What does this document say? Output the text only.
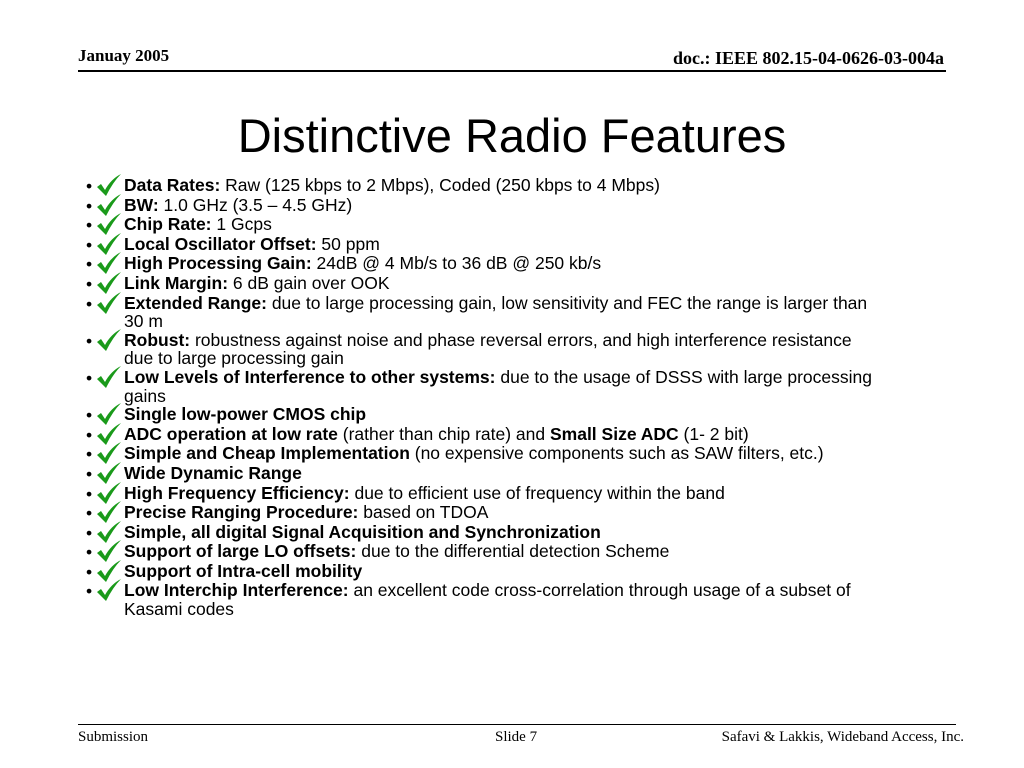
Januay 2005	doc.: IEEE 802.15-04-0626-03-004a
Distinctive Radio Features
• Data Rates: Raw (125 kbps to 2 Mbps), Coded (250 kbps to 4 Mbps)
• BW: 1.0 GHz (3.5 – 4.5 GHz)
• Chip Rate: 1 Gcps
• Local Oscillator Offset: 50 ppm
• High Processing Gain: 24dB @ 4 Mb/s to 36 dB @ 250 kb/s
• Link Margin: 6 dB gain over OOK
• Extended Range: due to large processing gain, low sensitivity and FEC the range is larger than
30 m
• Robust: robustness against noise and phase reversal errors, and high interference resistance
due to large processing gain
• Low Levels of Interference to other systems: due to the usage of DSSS with large processing
gains
• Single low-power CMOS chip
• ADC operation at low rate (rather than chip rate) and Small Size ADC (1- 2 bit)
• Simple and Cheap Implementation (no expensive components such as SAW filters, etc.)
• Wide Dynamic Range
• High Frequency Efficiency: due to efficient use of frequency within the band
• Precise Ranging Procedure: based on TDOA
• Simple, all digital Signal Acquisition and Synchronization
• Support of large LO offsets: due to the differential detection Scheme
• Support of Intra-cell mobility
• Low Interchip Interference: an excellent code cross-correlation through usage of a subset of
Kasami codes
Submission	Slide 7	Safavi & Lakkis, Wideband Access, Inc.
